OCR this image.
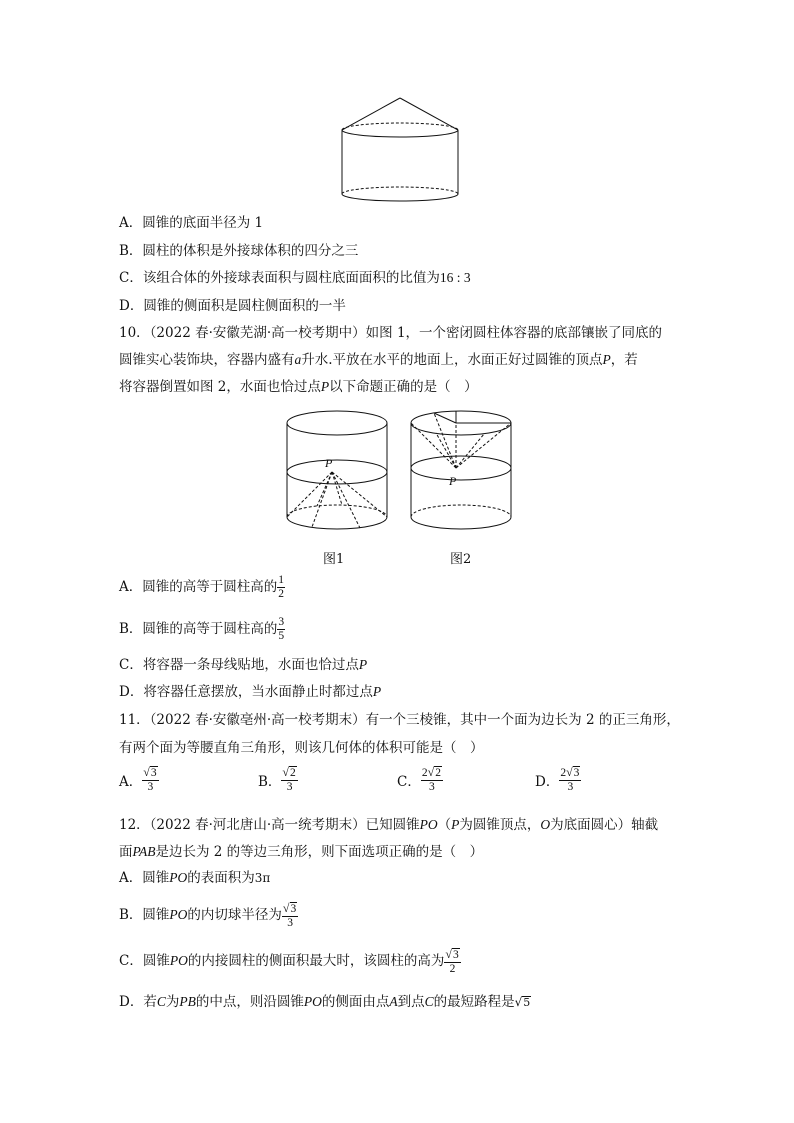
A．圆锥的底面半径为 1
B．圆柱的体积是外接球体积的四分之三
C．该组合体的外接球表面积与圆柱底面面积的比值为16 : 3
D．圆锥的侧面积是圆柱侧面积的一半
10．（2022 春·安徽芜湖·高一校考期中）如图 1，一个密闭圆柱体容器的底部镶嵌了同底的
圆锥实心装饰块，容器内盛有a升水.平放在水平的地面上，水面正好过圆锥的顶点P，若
将容器倒置如图 2，水面也恰过点P以下命题正确的是（　）
P
图1
P
图2
A．圆锥的高等于圆柱高的 $\frac{1}{2}$
B．圆锥的高等于圆柱高的 $\frac{3}{5}$
C．将容器一条母线贴地，水面也恰过点P
D．将容器任意摆放，当水面静止时都过点P
11．（2022 春·安徽亳州·高一校考期末）有一个三棱锥，其中一个面为边长为 2 的正三角形，
有两个面为等腰直角三角形，则该几何体的体积可能是（　）
A． $\frac{√3}{3}$	B． $\frac{√2}{3}$	C． $\frac{2√2}{3}$	D． $\frac{2√3}{3}$
12．（2022 春·河北唐山·高一统考期末）已知圆锥PO（P为圆锥顶点，O为底面圆心）轴截
面PAB是边长为 2 的等边三角形，则下面选项正确的是（　）
A．圆锥PO的表面积为3π
B．圆锥PO的内切球半径为 $\frac{√3}{3}$
C．圆锥PO的内接圆柱的侧面积最大时，该圆柱的高为 $\frac{√3}{2}$
D．若C为PB的中点，则沿圆锥PO的侧面由点A到点C的最短路程是√5
